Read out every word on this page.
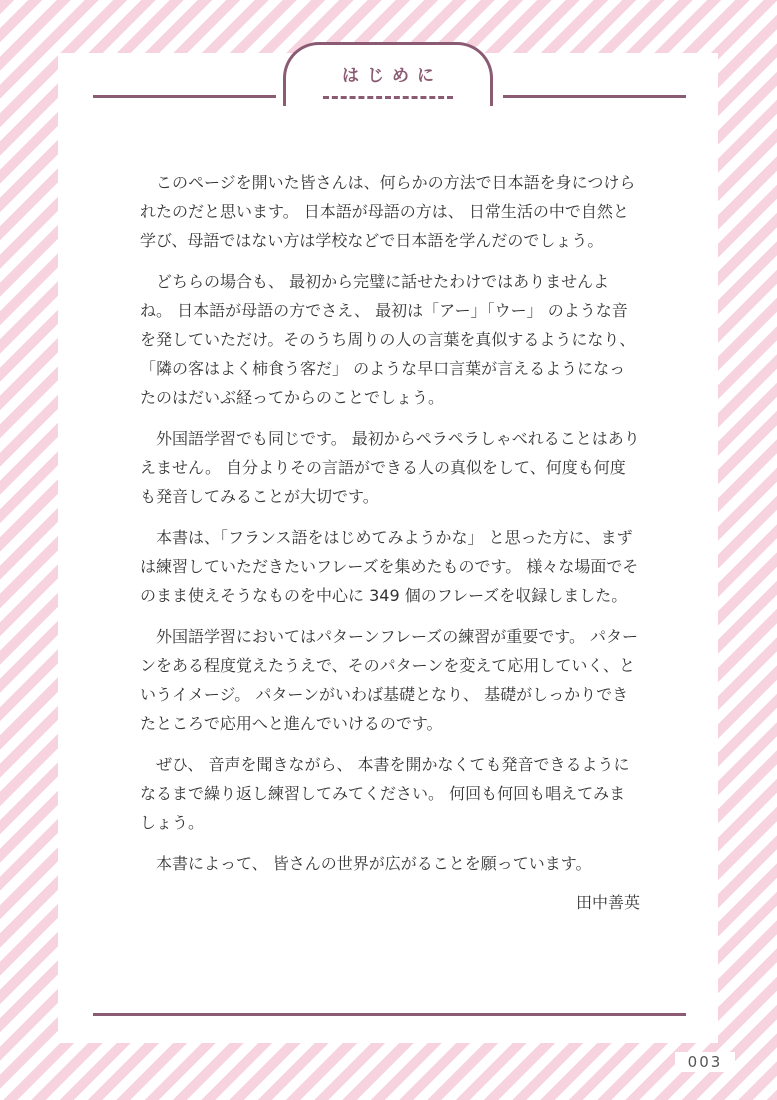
はじめに

このページを開いた皆さんは、何らかの方法で日本語を身につけられたのだと思います。 日本語が母語の方は、 日常生活の中で自然と学び、母語ではない方は学校などで日本語を学んだのでしょう。

どちらの場合も、 最初から完璧に話せたわけではありませんよね。 日本語が母語の方でさえ、 最初は「アー」「ウー」 のような音を発していただけ。そのうち周りの人の言葉を真似するようになり、「隣の客はよく柿食う客だ」 のような早口言葉が言えるようになったのはだいぶ経ってからのことでしょう。

外国語学習でも同じです。 最初からペラペラしゃべれることはありえません。 自分よりその言語ができる人の真似をして、何度も何度も発音してみることが大切です。

本書は、「フランス語をはじめてみようかな」 と思った方に、まずは練習していただきたいフレーズを集めたものです。 様々な場面でそのまま使えそうなものを中心に 349 個のフレーズを収録しました。

外国語学習においてはパターンフレーズの練習が重要です。 パターンをある程度覚えたうえで、そのパターンを変えて応用していく、というイメージ。 パターンがいわば基礎となり、 基礎がしっかりできたところで応用へと進んでいけるのです。

ぜひ、 音声を聞きながら、 本書を開かなくても発音できるようになるまで繰り返し練習してみてください。 何回も何回も唱えてみましょう。

本書によって、 皆さんの世界が広がることを願っています。

田中善英
003
